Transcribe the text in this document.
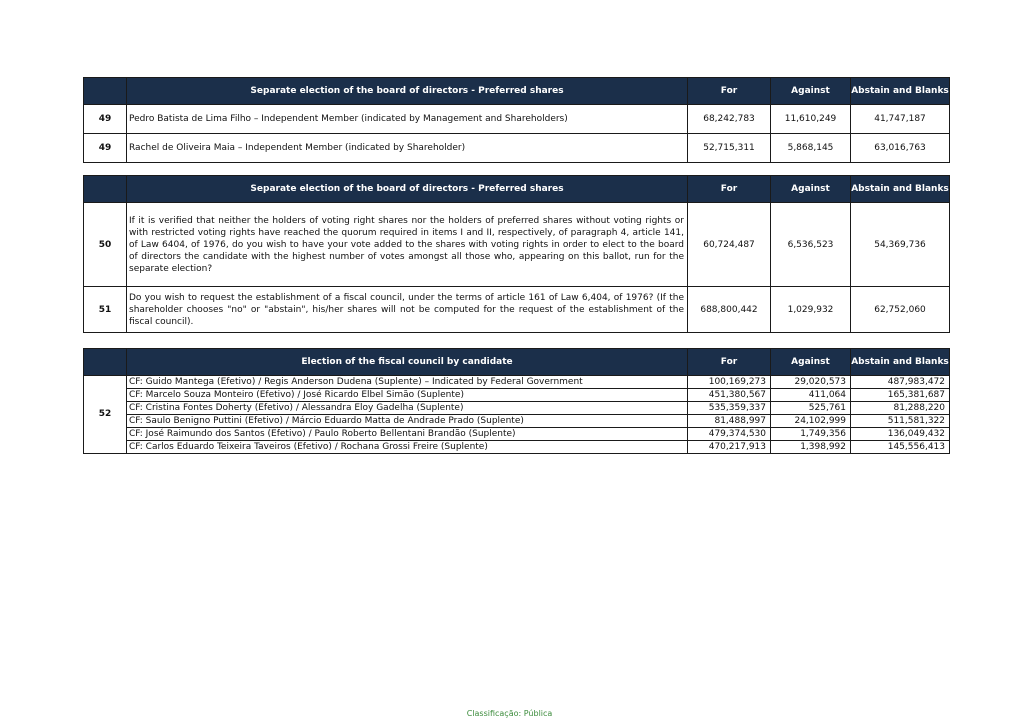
	Separate election of the board of directors - Preferred shares	For	Against	Abstain and Blanks
49	Pedro Batista de Lima Filho – Independent Member (indicated by Management and Shareholders)	68,242,783	11,610,249	41,747,187
49	Rachel de Oliveira Maia – Independent Member (indicated by Shareholder)	52,715,311	5,868,145	63,016,763
	Separate election of the board of directors - Preferred shares	For	Against	Abstain and Blanks
50	If it is verified that neither the holders of voting right shares nor the holders of preferred shares without voting rights or with restricted voting rights have reached the quorum required in items I and II, respectively, of paragraph 4, article 141, of Law 6404, of 1976, do you wish to have your vote added to the shares with voting rights in order to elect to the board of directors the candidate with the highest number of votes amongst all those who, appearing on this ballot, run for the separate election?	60,724,487	6,536,523	54,369,736
51	Do you wish to request the establishment of a fiscal council, under the terms of article 161 of Law 6,404, of 1976? (If the shareholder chooses "no" or "abstain", his/her shares will not be computed for the request of the establishment of the fiscal council).	688,800,442	1,029,932	62,752,060
	Election of the fiscal council by candidate	For	Against	Abstain and Blanks
52	CF: Guido Mantega (Efetivo) / Regis Anderson Dudena (Suplente) – Indicated by Federal Government	100,169,273	29,020,573	487,983,472
	CF: Marcelo Souza Monteiro (Efetivo) / José Ricardo Elbel Simão (Suplente)	451,380,567	411,064	165,381,687
	CF: Cristina Fontes Doherty (Efetivo) / Alessandra Eloy Gadelha (Suplente)	535,359,337	525,761	81,288,220
	CF: Saulo Benigno Puttini (Efetivo) / Márcio Eduardo Matta de Andrade Prado (Suplente)	81,488,997	24,102,999	511,581,322
	CF: José Raimundo dos Santos (Efetivo) / Paulo Roberto Bellentani Brandão (Suplente)	479,374,530	1,749,356	136,049,432
	CF: Carlos Eduardo Teixeira Taveiros (Efetivo) / Rochana Grossi Freire (Suplente)	470,217,913	1,398,992	145,556,413
Classificação: Pública
